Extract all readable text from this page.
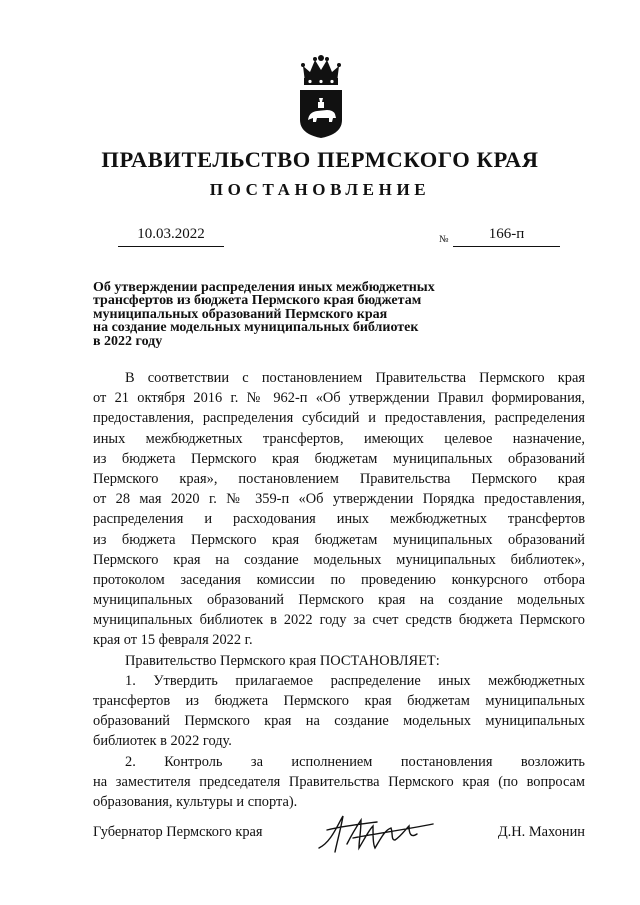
ПРАВИТЕЛЬСТВО ПЕРМСКОГО КРАЯ
ПОСТАНОВЛЕНИЕ
10.03.2022	№	166-п
Об утверждении распределения иных межбюджетных
трансфертов из бюджета Пермского края бюджетам
муниципальных образований Пермского края
на создание модельных муниципальных библиотек
в 2022 году
В соответствии с постановлением Правительства Пермского края
от 21 октября 2016 г. № 962-п «Об утверждении Правил формирования,
предоставления, распределения субсидий и предоставления, распределения
иных межбюджетных трансфертов, имеющих целевое назначение,
из бюджета Пермского края бюджетам муниципальных образований
Пермского края», постановлением Правительства Пермского края
от 28 мая 2020 г. № 359-п «Об утверждении Порядка предоставления,
распределения и расходования иных межбюджетных трансфертов
из бюджета Пермского края бюджетам муниципальных образований
Пермского края на создание модельных муниципальных библиотек»,
протоколом заседания комиссии по проведению конкурсного отбора
муниципальных образований Пермского края на создание модельных
муниципальных библиотек в 2022 году за счет средств бюджета Пермского
края от 15 февраля 2022 г.
Правительство Пермского края ПОСТАНОВЛЯЕТ:
1. Утвердить прилагаемое распределение иных межбюджетных
трансфертов из бюджета Пермского края бюджетам муниципальных
образований Пермского края на создание модельных муниципальных
библиотек в 2022 году.
2. Контроль за исполнением постановления возложить
на заместителя председателя Правительства Пермского края (по вопросам
образования, культуры и спорта).
Губернатор Пермского края	Д.Н. Махонин
